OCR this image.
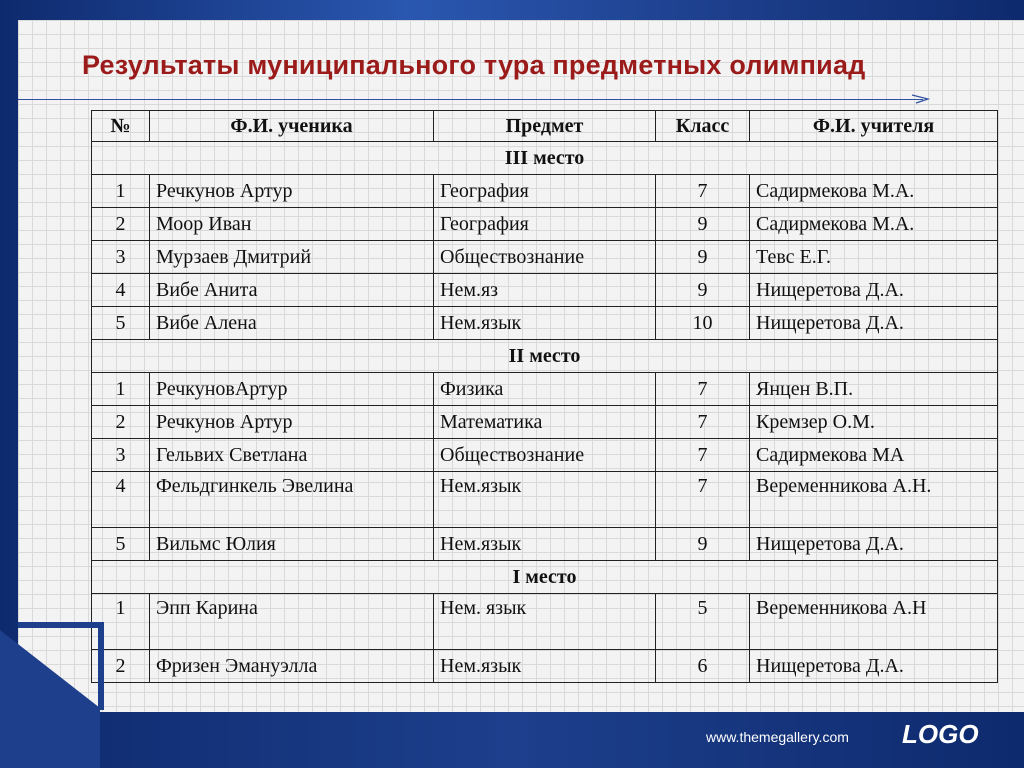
Результаты муниципального тура предметных олимпиад
№	Ф.И. ученика	Предмет	Класс	Ф.И. учителя
III место				
1	Речкунов Артур	География	7	Садирмекова М.А.
2	Моор Иван	География	9	Садирмекова М.А.
3	Мурзаев Дмитрий	Обществознание	9	Тевс Е.Г.
4	Вибе Анита	Нем.яз	9	Нищеретова Д.А.
5	Вибе Алена	Нем.язык	10	Нищеретова Д.А.
II место				
1	РечкуновАртур	Физика	7	Янцен В.П.
2	Речкунов Артур	Математика	7	Кремзер О.М.
3	Гельвих Светлана	Обществознание	7	Садирмекова МА
4	Фельдгинкель Эвелина	Нем.язык	7	Веременникова А.Н.
5	Вильмс Юлия	Нем.язык	9	Нищеретова Д.А.
I место				
1	Эпп Карина	Нем. язык	5	Веременникова А.Н
2	Фризен Эмануэлла	Нем.язык	6	Нищеретова Д.А.
www.themegallery.com LOGO
